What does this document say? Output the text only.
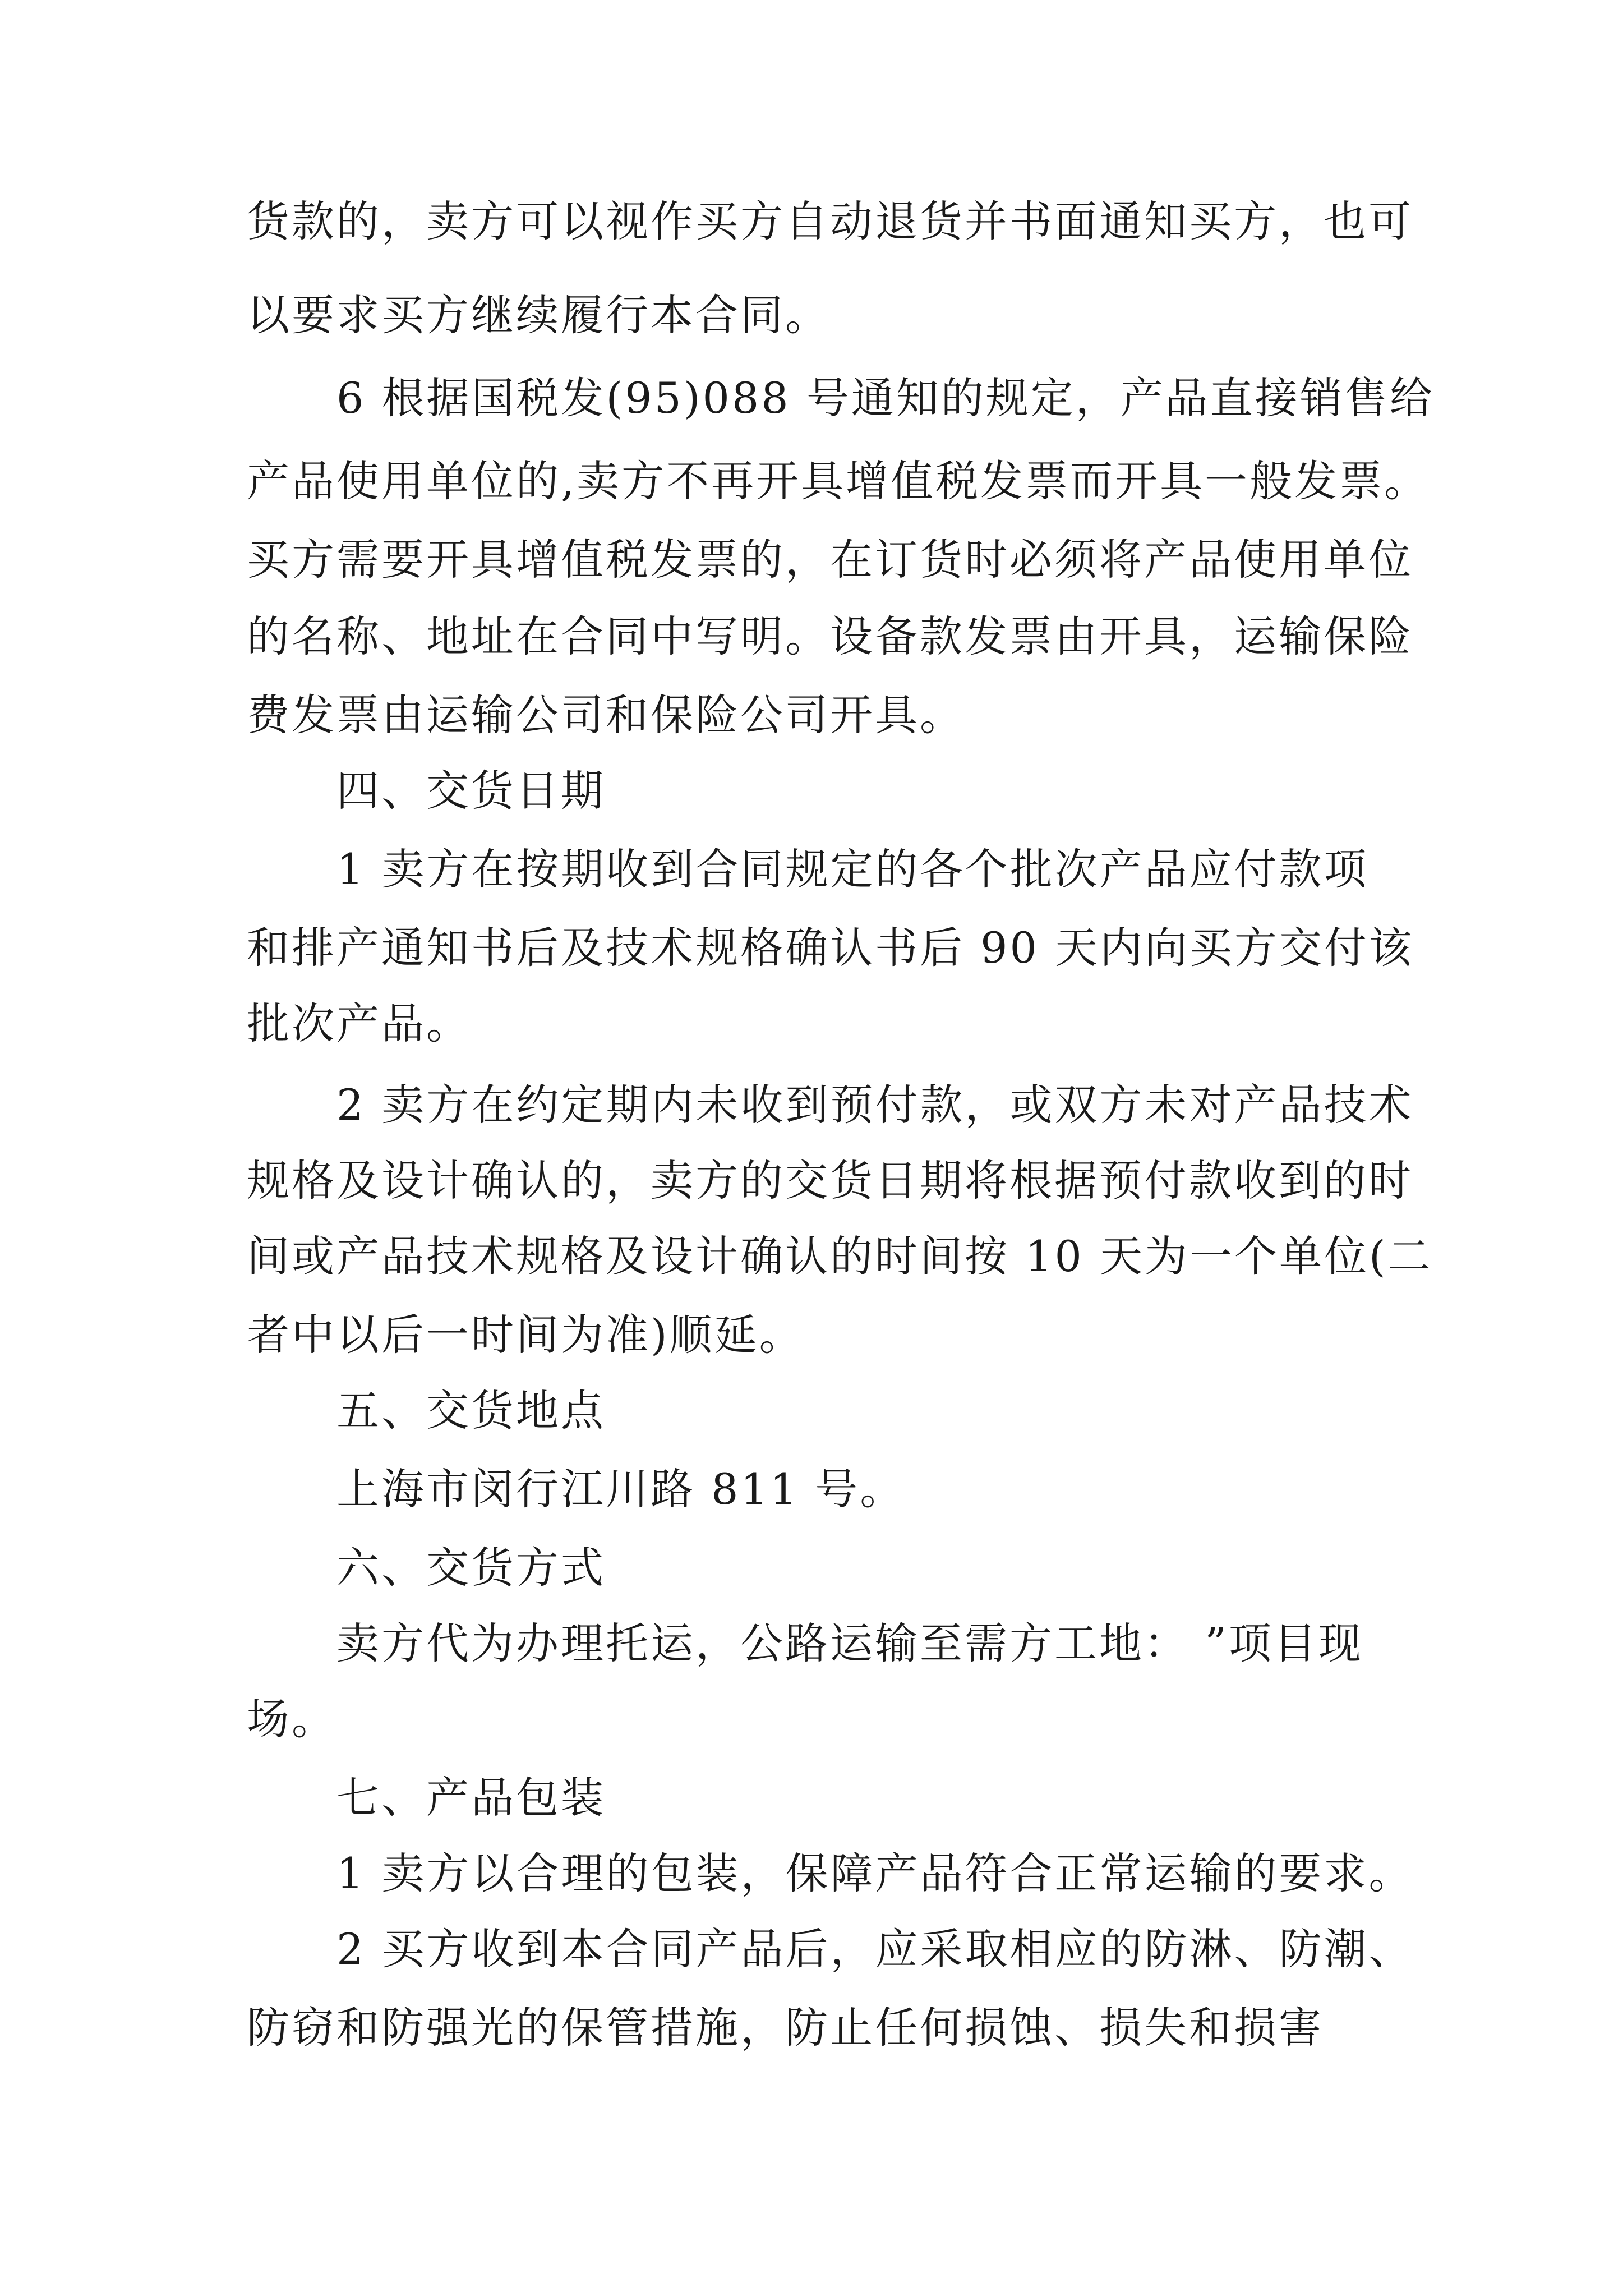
货款的，卖方可以视作买方自动退货并书面通知买方，也可
以要求买方继续履行本合同。
6 根据国税发(95)088 号通知的规定，产品直接销售给
产品使用单位的,卖方不再开具增值税发票而开具一般发票。
买方需要开具增值税发票的，在订货时必须将产品使用单位
的名称、地址在合同中写明。设备款发票由开具，运输保险
费发票由运输公司和保险公司开具。
四、交货日期
1 卖方在按期收到合同规定的各个批次产品应付款项
和排产通知书后及技术规格确认书后 90 天内向买方交付该
批次产品。
2 卖方在约定期内未收到预付款，或双方未对产品技术
规格及设计确认的，卖方的交货日期将根据预付款收到的时
间或产品技术规格及设计确认的时间按 10 天为一个单位(二
者中以后一时间为准)顺延。
五、交货地点
上海市闵行江川路 811 号。
六、交货方式
卖方代为办理托运，公路运输至需方工地： ”项目现
场。
七、产品包装
1 卖方以合理的包装，保障产品符合正常运输的要求。
2 买方收到本合同产品后，应采取相应的防淋、防潮、
防窃和防强光的保管措施，防止任何损蚀、损失和损害
